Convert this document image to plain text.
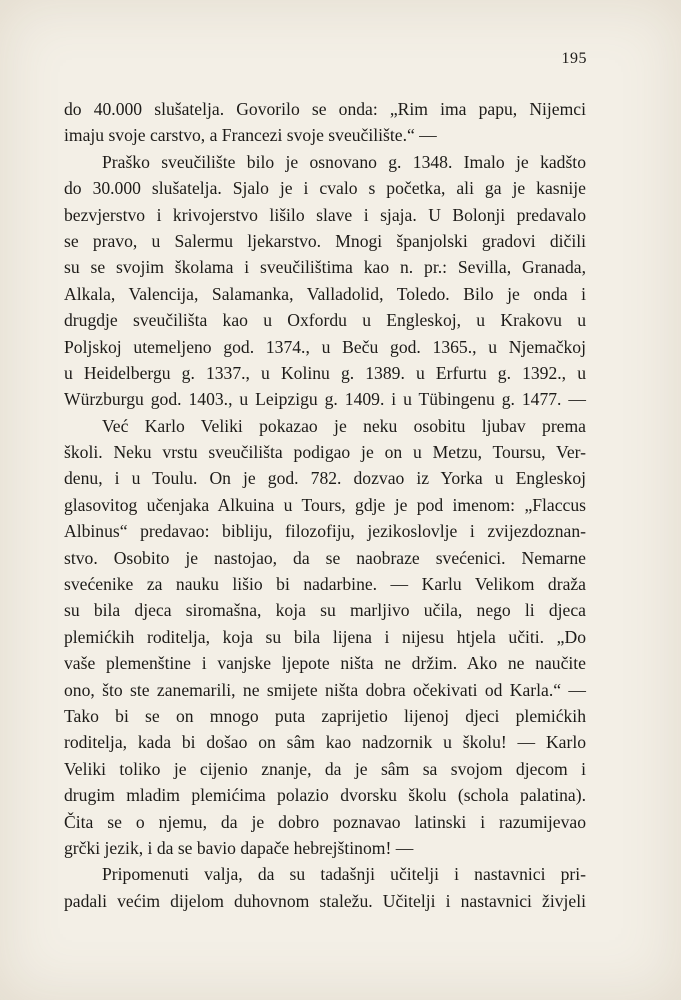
195
do 40.000 slušatelja. Govorilo se onda: „Rim ima papu, Nijemci
imaju svoje carstvo, a Francezi svoje sveučilište.“ —
Praško sveučilište bilo je osnovano g. 1348. Imalo je kadšto
do 30.000 slušatelja. Sjalo je i cvalo s početka, ali ga je kasnije
bezvjerstvo i krivojerstvo lišilo slave i sjaja. U Bolonji predavalo
se pravo, u Salermu ljekarstvo. Mnogi španjolski gradovi dičili
su se svojim školama i sveučilištima kao n. pr.: Sevilla, Granada,
Alkala, Valencija, Salamanka, Valladolid, Toledo. Bilo je onda i
drugdje sveučilišta kao u Oxfordu u Engleskoj, u Krakovu u
Poljskoj utemeljeno god. 1374., u Beču god. 1365., u Njemačkoj
u Heidelbergu g. 1337., u Kolinu g. 1389. u Erfurtu g. 1392., u
Würzburgu god. 1403., u Leipzigu g. 1409. i u Tübingenu g. 1477. —
Već Karlo Veliki pokazao je neku osobitu ljubav prema
školi. Neku vrstu sveučilišta podigao je on u Metzu, Toursu, Ver-
denu, i u Toulu. On je god. 782. dozvao iz Yorka u Engleskoj
glasovitog učenjaka Alkuina u Tours, gdje je pod imenom: „Flaccus
Albinus“ predavao: bibliju, filozofiju, jezikoslovlje i zvijezdoznan-
stvo. Osobito je nastojao, da se naobraze svećenici. Nemarne
svećenike za nauku lišio bi nadarbine. — Karlu Velikom draža
su bila djeca siromašna, koja su marljivo učila, nego li djeca
plemićkih roditelja, koja su bila lijena i nijesu htjela učiti. „Do
vaše plemenštine i vanjske ljepote ništa ne držim. Ako ne naučite
ono, što ste zanemarili, ne smijete ništa dobra očekivati od Karla.“ —
Tako bi se on mnogo puta zaprijetio lijenoj djeci plemićkih
roditelja, kada bi došao on sâm kao nadzornik u školu! — Karlo
Veliki toliko je cijenio znanje, da je sâm sa svojom djecom i
drugim mladim plemićima polazio dvorsku školu (schola palatina).
Čita se o njemu, da je dobro poznavao latinski i razumijevao
grčki jezik, i da se bavio dapače hebrejštinom! —
Pripomenuti valja, da su tadašnji učitelji i nastavnici pri-
padali većim dijelom duhovnom staležu. Učitelji i nastavnici živjeli
